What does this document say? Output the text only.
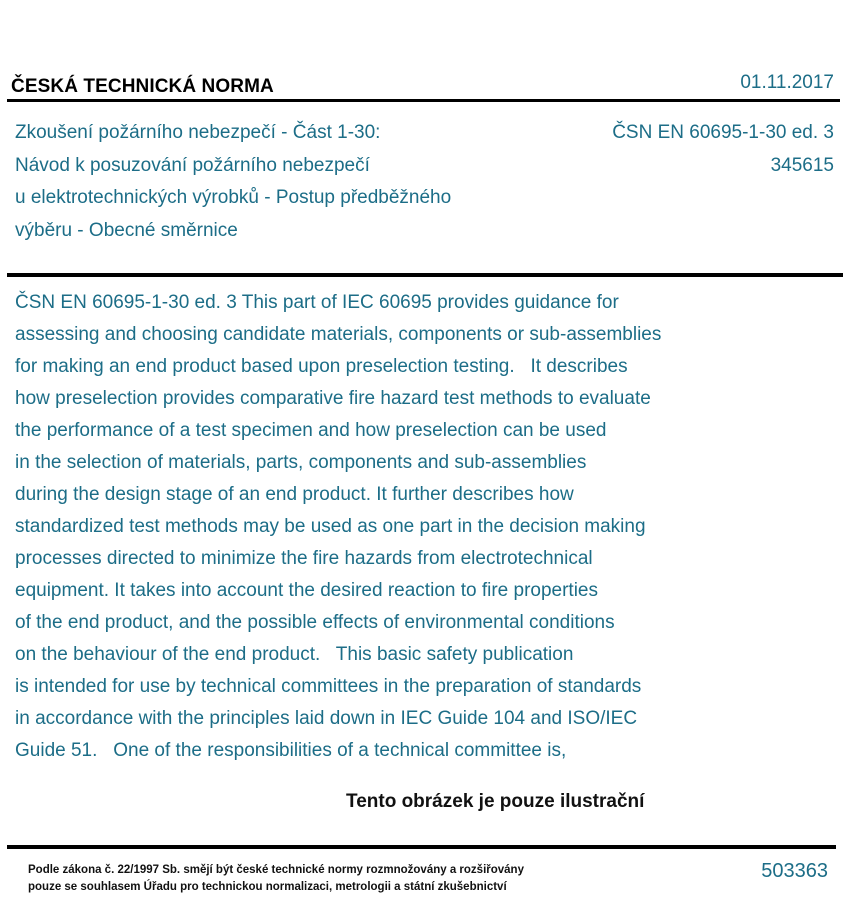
ČESKÁ TECHNICKÁ NORMA	01.11.2017
Zkoušení požárního nebezpečí - Část 1-30:
Návod k posuzování požárního nebezpečí
u elektrotechnických výrobků - Postup předběžného
výběru - Obecné směrnice
ČSN EN 60695-1-30 ed. 3
345615
ČSN EN 60695-1-30 ed. 3 This part of IEC 60695 provides guidance for
assessing and choosing candidate materials, components or sub-assemblies
for making an end product based upon preselection testing.   It describes
how preselection provides comparative fire hazard test methods to evaluate
the performance of a test specimen and how preselection can be used
in the selection of materials, parts, components and sub-assemblies
during the design stage of an end product. It further describes how
standardized test methods may be used as one part in the decision making
processes directed to minimize the fire hazards from electrotechnical
equipment. It takes into account the desired reaction to fire properties
of the end product, and the possible effects of environmental conditions
on the behaviour of the end product.   This basic safety publication
is intended for use by technical committees in the preparation of standards
in accordance with the principles laid down in IEC Guide 104 and ISO/IEC
Guide 51.   One of the responsibilities of a technical committee is,
Tento obrázek je pouze ilustrační
Podle zákona č. 22/1997 Sb. smějí být české technické normy rozmnožovány a rozšiřovány
pouze se souhlasem Úřadu pro technickou normalizaci, metrologii a státní zkušebnictví
503363
